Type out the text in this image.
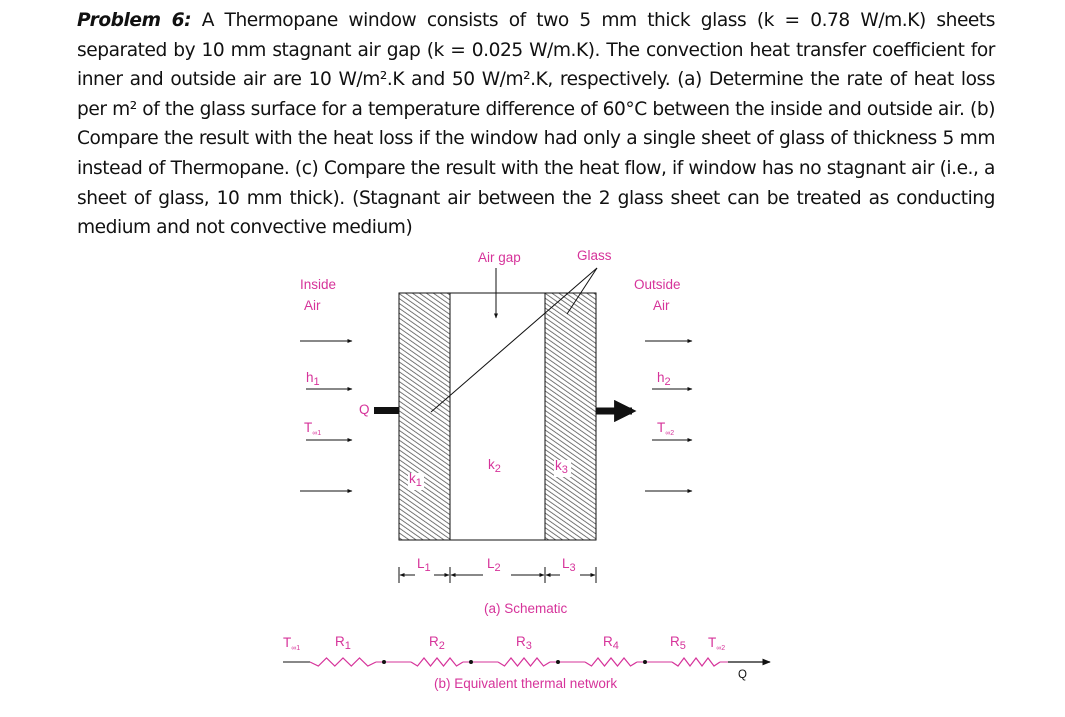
Problem 6: A Thermopane window consists of two 5 mm thick glass (k = 0.78 W/m.K) sheets separated by 10 mm stagnant air gap (k = 0.025 W/m.K). The convection heat transfer coefficient for inner and outside air are 10 W/m².K and 50 W/m².K, respectively. (a) Determine the rate of heat loss per m² of the glass surface for a temperature difference of 60°C between the inside and outside air. (b) Compare the result with the heat loss if the window had only a single sheet of glass of thickness 5 mm instead of Thermopane. (c) Compare the result with the heat flow, if window has no stagnant air (i.e., a sheet of glass, 10 mm thick). (Stagnant air between the 2 glass sheet can be treated as conducting medium and not convective medium)
Air gap	Glass
Inside
Air
$h_1$
$T_{\infty 1}$
Q
Outside
Air
$h_2$
$T_{\infty 2}$
$k_1$
$k_2$	$k_3$
$L_1$	$L_2$	$L_3$
(a) Schematic
$T_{\infty 1}$	$R_1$	$R_2$	$R_3$	$R_4$	$R_5$ $T_{\infty 2}$
Q
(b) Equivalent thermal network
